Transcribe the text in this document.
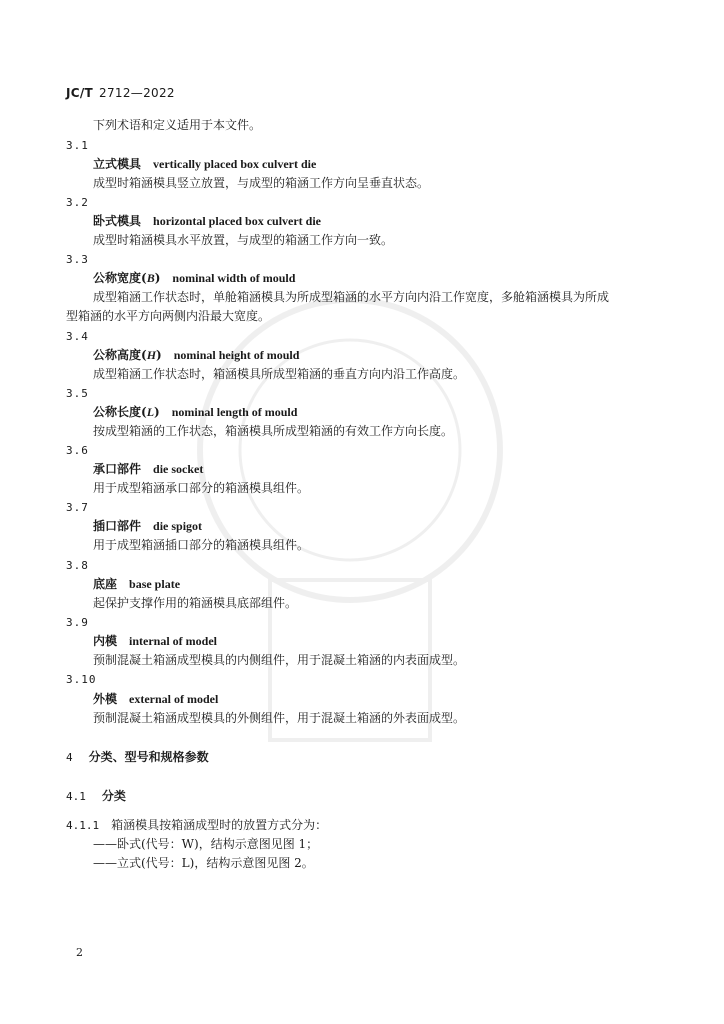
JC/T 2712—2022
下列术语和定义适用于本文件。
3.1
立式模具 vertically placed box culvert die
成型时箱涵模具竖立放置，与成型的箱涵工作方向呈垂直状态。
3.2
卧式模具 horizontal placed box culvert die
成型时箱涵模具水平放置，与成型的箱涵工作方向一致。
3.3
公称宽度(B) nominal width of mould
成型箱涵工作状态时，单舱箱涵模具为所成型箱涵的水平方向内沿工作宽度，多舱箱涵模具为所成
型箱涵的水平方向两侧内沿最大宽度。
3.4
公称高度(H) nominal height of mould
成型箱涵工作状态时，箱涵模具所成型箱涵的垂直方向内沿工作高度。
3.5
公称长度(L) nominal length of mould
按成型箱涵的工作状态，箱涵模具所成型箱涵的有效工作方向长度。
3.6
承口部件 die socket
用于成型箱涵承口部分的箱涵模具组件。
3.7
插口部件 die spigot
用于成型箱涵插口部分的箱涵模具组件。
3.8
底座 base plate
起保护支撑作用的箱涵模具底部组件。
3.9
内模 internal of model
预制混凝土箱涵成型模具的内侧组件，用于混凝土箱涵的内表面成型。
3.10
外模 external of model
预制混凝土箱涵成型模具的外侧组件，用于混凝土箱涵的外表面成型。
4 分类、型号和规格参数
4.1 分类
4.1.1 箱涵模具按箱涵成型时的放置方式分为：
——卧式(代号：W)，结构示意图见图 1；
——立式(代号：L)，结构示意图见图 2。
2
